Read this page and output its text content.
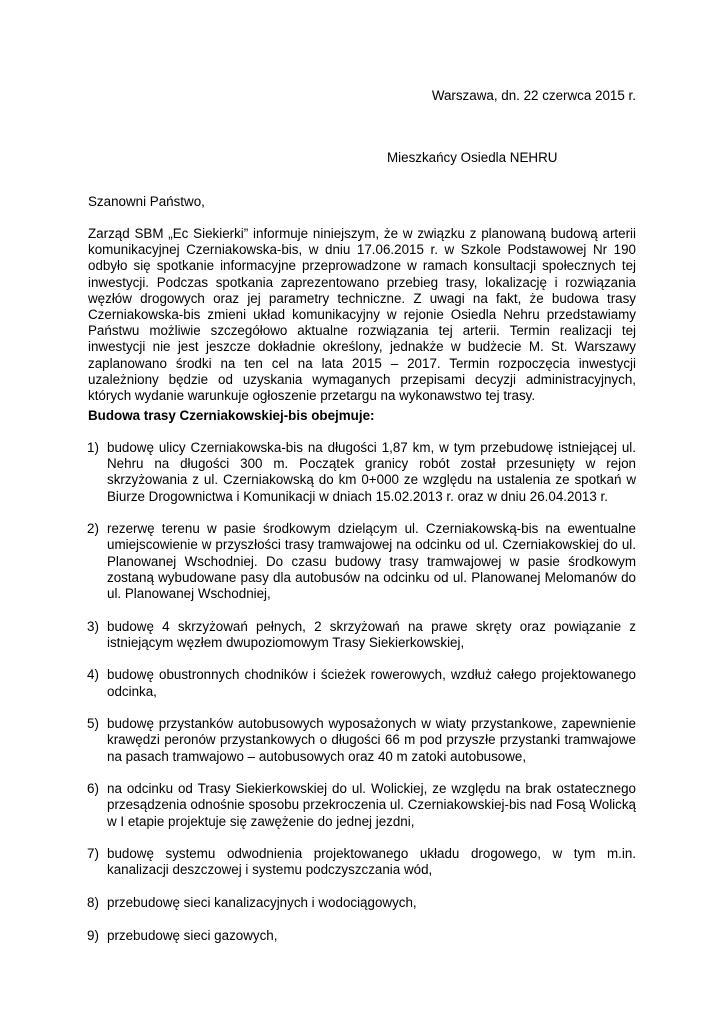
Warszawa, dn. 22 czerwca 2015 r.
Mieszkańcy Osiedla NEHRU
Szanowni Państwo,

Zarząd SBM „Ec Siekierki” informuje niniejszym, że w związku z planowaną budową arterii komunikacyjnej Czerniakowska-bis, w dniu 17.06.2015 r. w Szkole Podstawowej Nr 190 odbyło się spotkanie informacyjne przeprowadzone w ramach konsultacji społecznych tej inwestycji. Podczas spotkania zaprezentowano przebieg trasy, lokalizację i rozwiązania węzłów drogowych oraz jej parametry techniczne. Z uwagi na fakt, że budowa trasy Czerniakowska-bis zmieni układ komunikacyjny w rejonie Osiedla Nehru przedstawiamy Państwu możliwie szczegółowo aktualne rozwiązania tej arterii. Termin realizacji tej inwestycji nie jest jeszcze dokładnie określony, jednakże w budżecie M. St. Warszawy zaplanowano środki na ten cel na lata 2015 – 2017. Termin rozpoczęcia inwestycji uzależniony będzie od uzyskania wymaganych przepisami decyzji administracyjnych, których wydanie warunkuje ogłoszenie przetargu na wykonawstwo tej trasy.

Budowa trasy Czerniakowskiej-bis obejmuje:
1) budowę ulicy Czerniakowska-bis na długości 1,87 km, w tym przebudowę istniejącej ul. Nehru na długości 300 m. Początek granicy robót został przesunięty w rejon skrzyżowania z ul. Czerniakowską do km 0+000 ze względu na ustalenia ze spotkań w Biurze Drogownictwa i Komunikacji w dniach 15.02.2013 r. oraz w dniu 26.04.2013 r.
2) rezerwę terenu w pasie środkowym dzielącym ul. Czerniakowską-bis na ewentualne umiejscowienie w przyszłości trasy tramwajowej na odcinku od ul. Czerniakowskiej do ul. Planowanej Wschodniej. Do czasu budowy trasy tramwajowej w pasie środkowym zostaną wybudowane pasy dla autobusów na odcinku od ul. Planowanej Melomanów do ul. Planowanej Wschodniej,
3) budowę 4 skrzyżowań pełnych, 2 skrzyżowań na prawe skręty oraz powiązanie z istniejącym węzłem dwupoziomowym Trasy Siekierkowskiej,
4) budowę obustronnych chodników i ścieżek rowerowych, wzdłuż całego projektowanego odcinka,
5) budowę przystanków autobusowych wyposażonych w wiaty przystankowe, zapewnienie krawędzi peronów przystankowych o długości 66 m pod przyszłe przystanki tramwajowe na pasach tramwajowo – autobusowych oraz 40 m zatoki autobusowe,
6) na odcinku od Trasy Siekierkowskiej do ul. Wolickiej, ze względu na brak ostatecznego przesądzenia odnośnie sposobu przekroczenia ul. Czerniakowskiej-bis nad Fosą Wolicką w I etapie projektuje się zawężenie do jednej jezdni,
7) budowę systemu odwodnienia projektowanego układu drogowego, w tym m.in. kanalizacji deszczowej i systemu podczyszczania wód,
8) przebudowę sieci kanalizacyjnych i wodociągowych,
9) przebudowę sieci gazowych,
